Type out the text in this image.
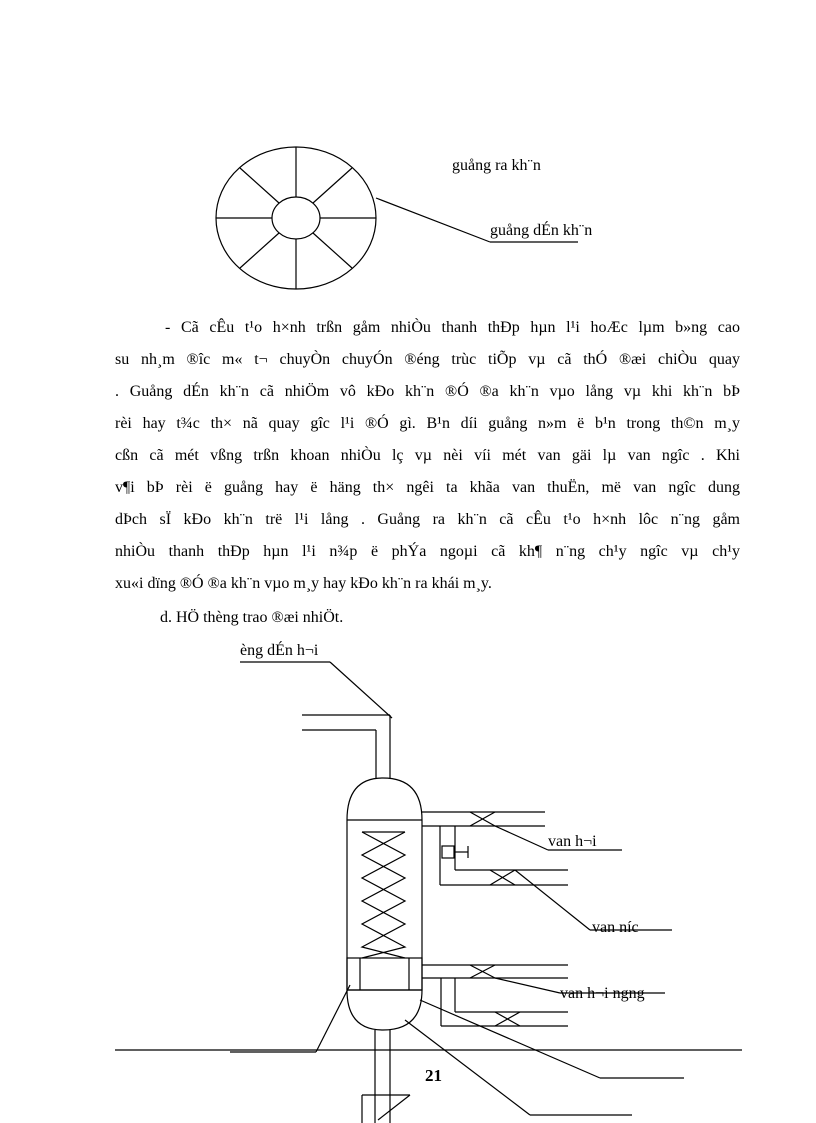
guång ra kh¨n
guång dÉn kh¨n
- Cã cÊu t¹o h×nh trßn gåm nhiÒu thanh thÐp hµn l¹i hoÆc lµm b»ng cao
su nh¸m ®îc m« t¬ chuyÒn chuyÓn ®éng trùc tiÕp vµ cã thÓ ®æi chiÒu quay
. Guång dÉn kh¨n cã nhiÖm vô kÐo kh¨n ®Ó ®a kh¨n vµo lång vµ khi kh¨n bÞ
rèi hay t¾c th× nã quay gîc l¹i ®Ó gì. B¹n díi guång n»m ë b¹n trong th©n m¸y
cßn cã mét vßng trßn khoan nhiÒu lç vµ nèi víi mét van gäi lµ van ngîc . Khi
v¶i bÞ rèi ë guång hay ë häng th× ngêi ta khãa van thuËn, më van ngîc dung
dÞch sÏ kÐo kh¨n trë l¹i lång . Guång ra kh¨n cã cÊu t¹o h×nh lôc n¨ng gåm
nhiÒu thanh thÐp hµn l¹i n¾p ë phÝa ngoµi cã kh¶ n¨ng ch¹y ngîc vµ ch¹y
xu«i dïng ®Ó ®a kh¨n vµo m¸y hay kÐo kh¨n ra khái m¸y.
d. HÖ thèng trao ®æi nhiÖt.
èng dÉn h¬i
van h¬i
van níc
van h¬i ngng
21
